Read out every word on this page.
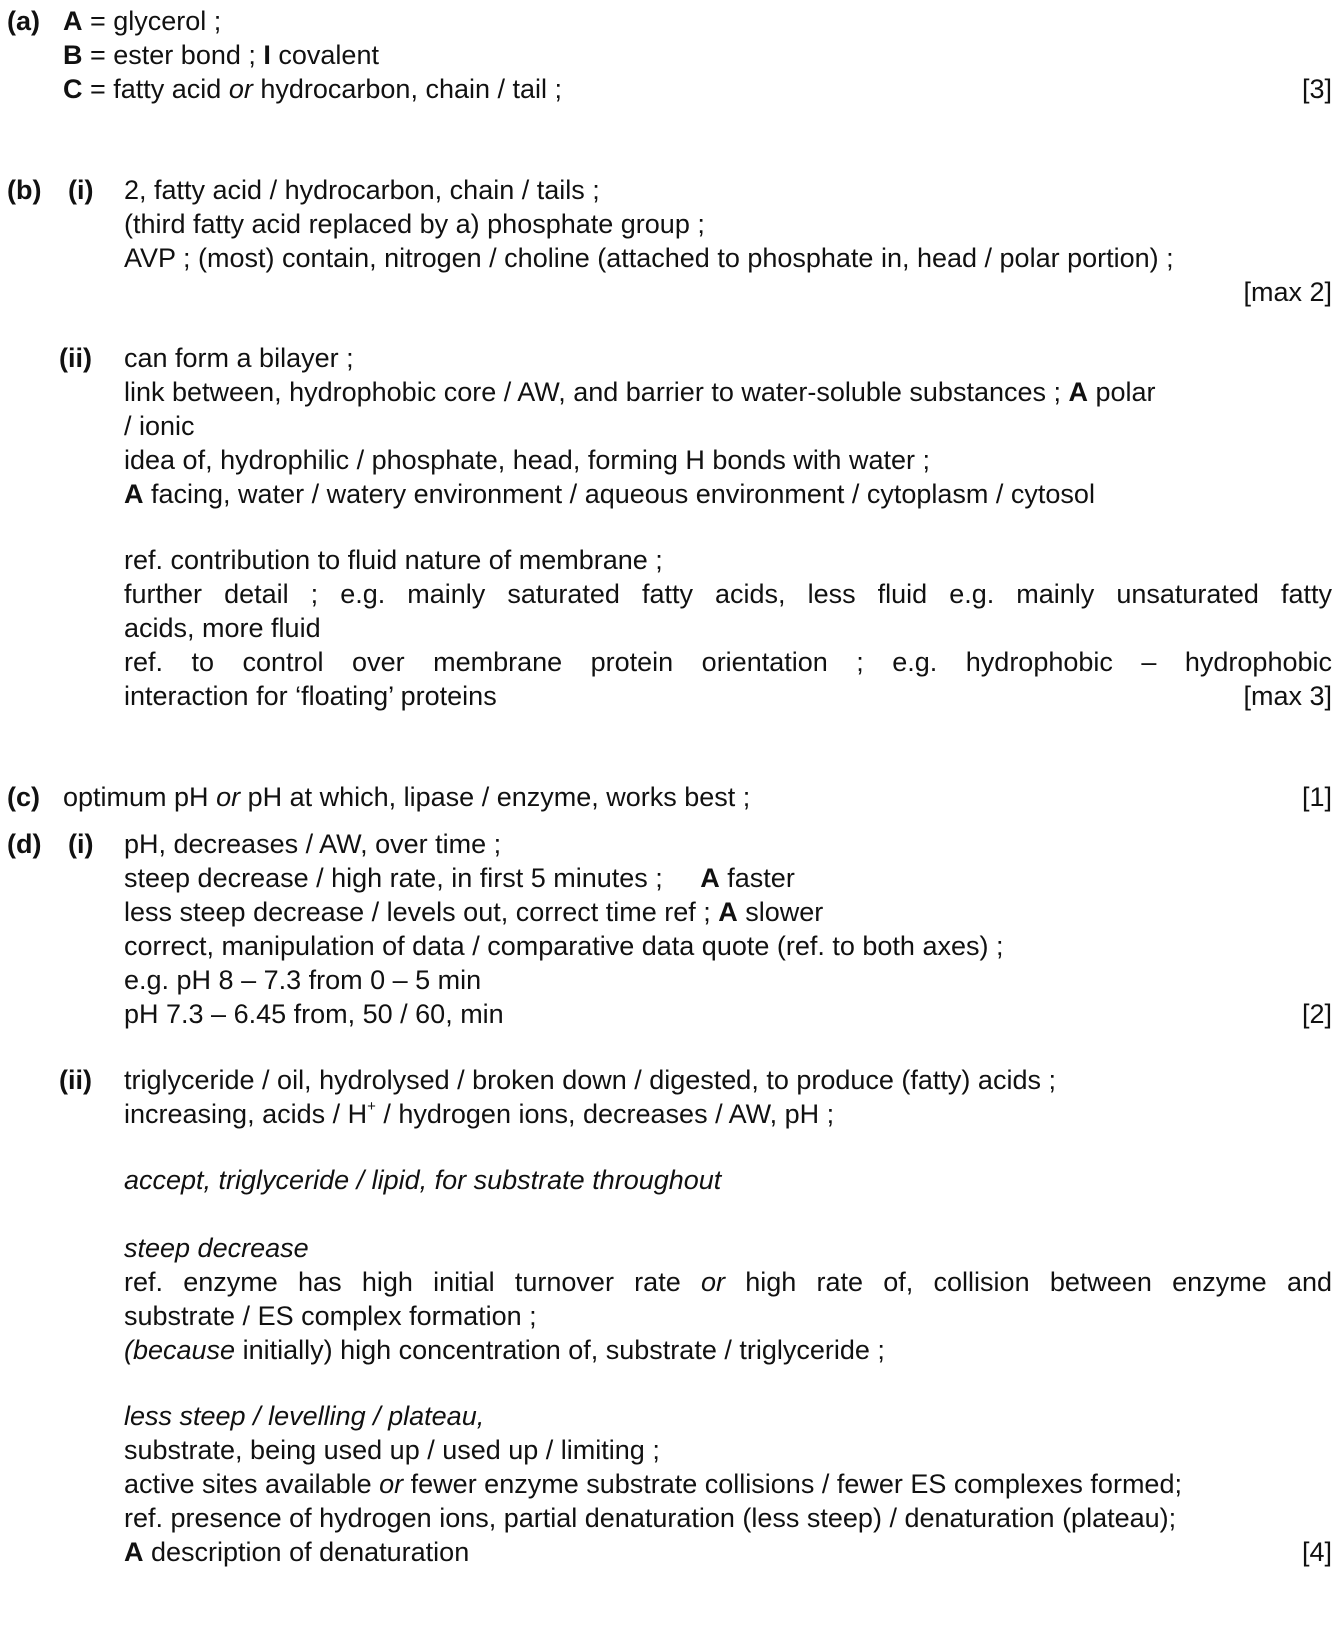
(a) A = glycerol ;
B = ester bond ; I covalent
C = fatty acid or hydrocarbon, chain / tail ;	[3]
(b) (i) 2, fatty acid / hydrocarbon, chain / tails ;
(third fatty acid replaced by a) phosphate group ;
AVP ; (most) contain, nitrogen / choline (attached to phosphate in, head / polar portion) ;
[max 2]
(ii) can form a bilayer ;
link between, hydrophobic core / AW, and barrier to water-soluble substances ; A polar
/ ionic
idea of, hydrophilic / phosphate, head, forming H bonds with water ;
A facing, water / watery environment / aqueous environment / cytoplasm / cytosol
ref. contribution to fluid nature of membrane ;
further detail ; e.g. mainly saturated fatty acids, less fluid e.g. mainly unsaturated fatty
acids, more fluid
ref. to control over membrane protein orientation ; e.g. hydrophobic – hydrophobic
interaction for ‘floating’ proteins	[max 3]
(c) optimum pH or pH at which, lipase / enzyme, works best ;	[1]
(d) (i) pH, decreases / AW, over time ;
steep decrease / high rate, in first 5 minutes ;     A faster
less steep decrease / levels out, correct time ref ; A slower
correct, manipulation of data / comparative data quote (ref. to both axes) ;
e.g. pH 8 – 7.3 from 0 – 5 min
pH 7.3 – 6.45 from, 50 / 60, min	[2]
(ii) triglyceride / oil, hydrolysed / broken down / digested, to produce (fatty) acids ;
increasing, acids / H+ / hydrogen ions, decreases / AW, pH ;
accept, triglyceride / lipid, for substrate throughout
steep decrease
ref. enzyme has high initial turnover rate or high rate of, collision between enzyme and
substrate / ES complex formation ;
(because initially) high concentration of, substrate / triglyceride ;
less steep / levelling / plateau,
substrate, being used up / used up / limiting ;
active sites available or fewer enzyme substrate collisions / fewer ES complexes formed;
ref. presence of hydrogen ions, partial denaturation (less steep) / denaturation (plateau);
A description of denaturation	[4]
